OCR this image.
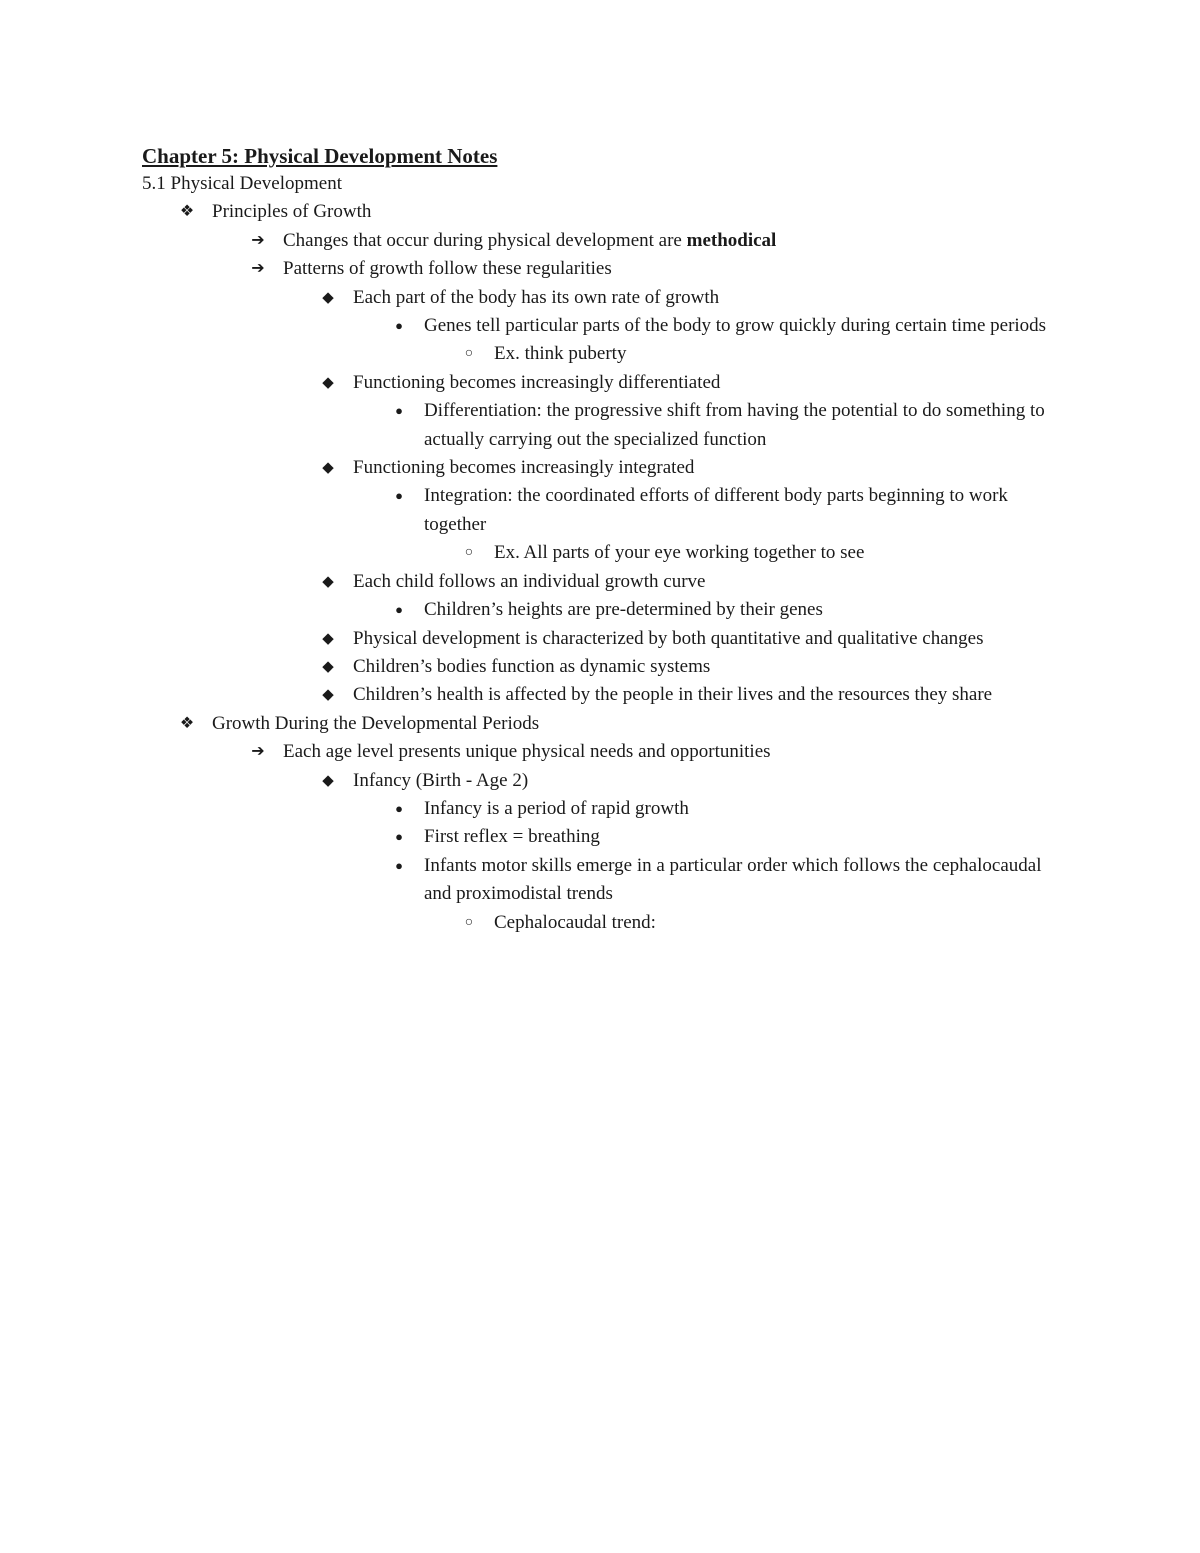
Chapter 5: Physical Development Notes

5.1 Physical Development

❖ Principles of Growth
➔ Changes that occur during physical development are methodical
➔ Patterns of growth follow these regularities
◆ Each part of the body has its own rate of growth
●	Genes tell particular parts of the body to grow quickly during certain time periods
○	Ex. think puberty
◆ Functioning becomes increasingly differentiated
●	Differentiation: the progressive shift from having the potential to do something to actually carrying out the specialized function
◆ Functioning becomes increasingly integrated
●	Integration: the coordinated efforts of different body parts beginning to work together
○	Ex. All parts of your eye working together to see
◆ Each child follows an individual growth curve
●	Children’s heights are pre-determined by their genes
◆ Physical development is characterized by both quantitative and qualitative changes
◆ Children’s bodies function as dynamic systems
◆ Children’s health is affected by the people in their lives and the resources they share
❖ Growth During the Developmental Periods
➔ Each age level presents unique physical needs and opportunities
◆ Infancy (Birth - Age 2)
●	Infancy is a period of rapid growth
●	First reflex = breathing
●	Infants motor skills emerge in a particular order which follows the cephalocaudal and proximodistal trends
○	Cephalocaudal trend:
